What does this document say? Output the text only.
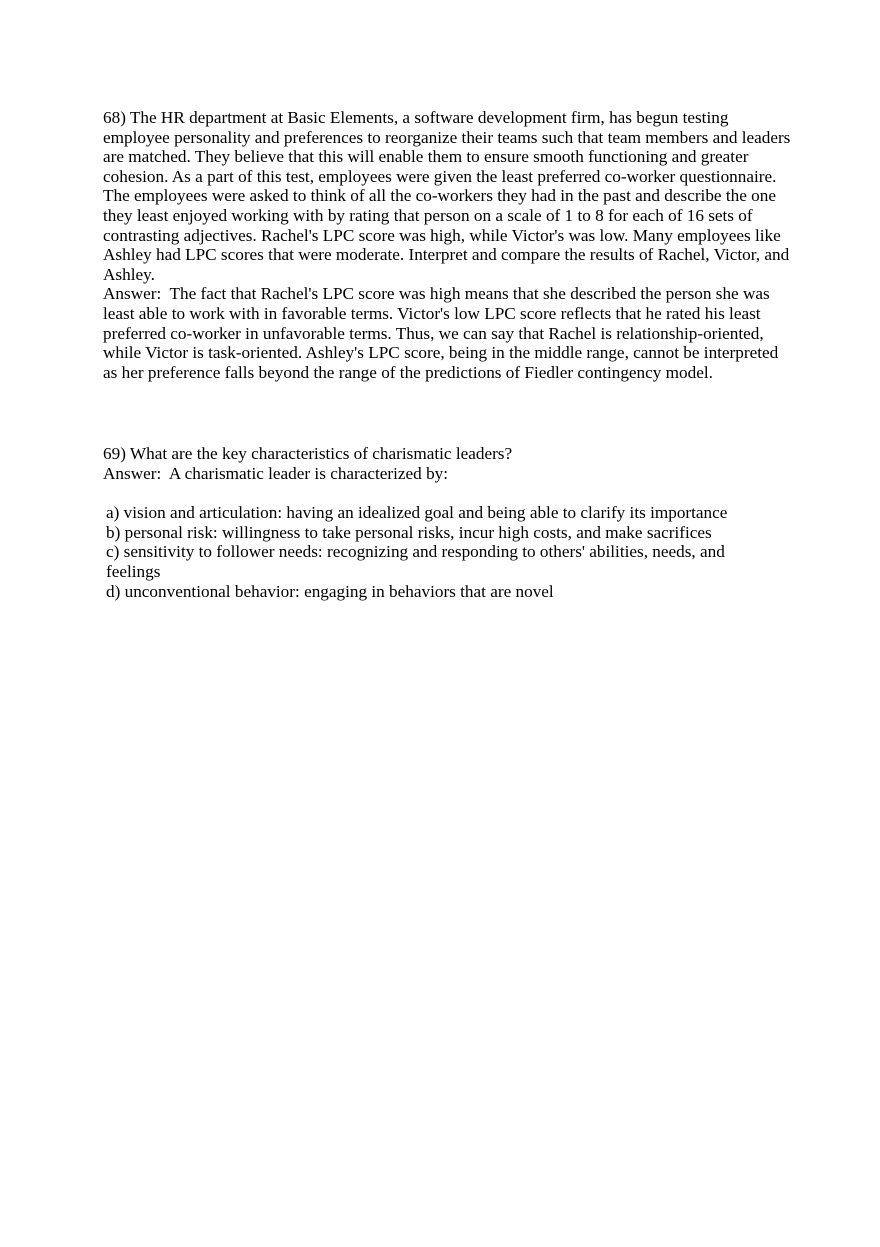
68) The HR department at Basic Elements, a software development firm, has begun testing employee personality and preferences to reorganize their teams such that team members and leaders are matched. They believe that this will enable them to ensure smooth functioning and greater cohesion. As a part of this test, employees were given the least preferred co-worker questionnaire. The employees were asked to think of all the co-workers they had in the past and describe the one they least enjoyed working with by rating that person on a scale of 1 to 8 for each of 16 sets of contrasting adjectives. Rachel's LPC score was high, while Victor's was low. Many employees like Ashley had LPC scores that were moderate. Interpret and compare the results of Rachel, Victor, and Ashley.

Answer:  The fact that Rachel's LPC score was high means that she described the person she was least able to work with in favorable terms. Victor's low LPC score reflects that he rated his least preferred co-worker in unfavorable terms. Thus, we can say that Rachel is relationship-oriented, while Victor is task-oriented. Ashley's LPC score, being in the middle range, cannot be interpreted as her preference falls beyond the range of the predictions of Fiedler contingency model.

69) What are the key characteristics of charismatic leaders?

Answer:  A charismatic leader is characterized by:

a) vision and articulation: having an idealized goal and being able to clarify its importance

b) personal risk: willingness to take personal risks, incur high costs, and make sacrifices

c) sensitivity to follower needs: recognizing and responding to others' abilities, needs, and feelings

d) unconventional behavior: engaging in behaviors that are novel
